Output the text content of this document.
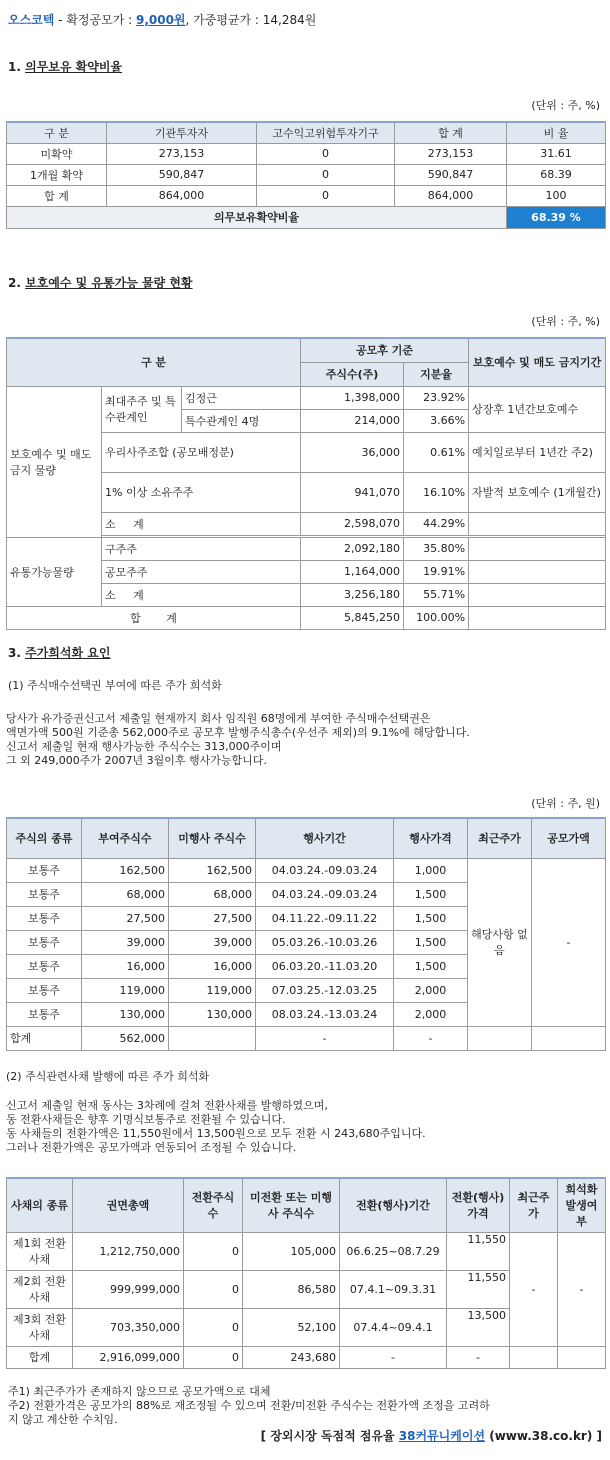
오스코텍 - 확정공모가 : 9,000원, 가중평균가 : 14,284원
1. 의무보유 확약비율
(단위 : 주, %)
구 분	기관투자자	고수익고위험투자기구	합 계	비 율
미확약	273,153	0	273,153	31.61
1개월 확약	590,847	0	590,847	68.39
합 계	864,000	0	864,000	100
의무보유확약비율				68.39 %
2. 보호예수 및 유통가능 물량 현황
(단위 : 주, %)
구 분			공모후 기준		보호예수 및 매도 금지기간
			주식수(주)	지분율	
보호예수 및 매도금지 물량	최대주주 및 특수관계인	김정근	1,398,000	23.92%	상장후 1년간보호예수
		특수관계인 4명	214,000	3.66%	
	우리사주조합 (공모배정분)		36,000	0.61%	예치일로부터 1년간 주2)
	1% 이상 소유주주		941,070	16.10%	자발적 보호예수 (1개월간)
	소 계		2,598,070	44.29%	

유통가능물량	구주주		2,092,180	35.80%	
	공모주주		1,164,000	19.91%	
	소 계		3,256,180	55.71%	
합 계			5,845,250	100.00%	
3. 주가희석화 요인
(1) 주식매수선택권 부여에 따른 주가 희석화
당사가 유가증권신고서 제출일 현재까지 회사 임직원 68명에게 부여한 주식매수선택권은
액면가액 500원 기준총 562,000주로 공모후 발행주식총수(우선주 제외)의 9.1%에 해당합니다.
신고서 제출일 현재 행사가능한 주식수는 313,000주이며
그 외 249,000주가 2007년 3월이후 행사가능합니다.
(단위 : 주, 원)
주식의 종류	부여주식수	미행사 주식수	행사기간	행사가격	최근주가	공모가액
보통주	162,500	162,500	04.03.24.-09.03.24	1,000	해당사항 없음	-
보통주	68,000	68,000	04.03.24.-09.03.24	1,500		
보통주	27,500	27,500	04.11.22.-09.11.22	1,500		
보통주	39,000	39,000	05.03.26.-10.03.26	1,500		
보통주	16,000	16,000	06.03.20.-11.03.20	1,500		
보통주	119,000	119,000	07.03.25.-12.03.25	2,000		
보통주	130,000	130,000	08.03.24.-13.03.24	2,000		
합계	562,000		-	-		
(2) 주식관련사채 발행에 따른 주가 희석화
신고서 제출일 현재 동사는 3차례에 걸쳐 전환사채를 발행하였으며,
동 전환사채들은 향후 기명식보통주로 전환될 수 있습니다.
동 사채들의 전환가액은 11,550원에서 13,500원으로 모두 전환 시 243,680주입니다.
그러나 전환가액은 공모가액과 연동되어 조정될 수 있습니다.
사채의 종류	권면총액	전환주식수	미전환 또는 미행사 주식수	전환(행사)기간	전환(행사) 가격	최근주가	희석화 발생여부
제1회 전환사채	1,212,750,000	0	105,000	06.6.25~08.7.29	11,550	-	-
제2회 전환사채	999,999,000	0	86,580	07.4.1~09.3.31	11,550		
제3회 전환사채	703,350,000	0	52,100	07.4.4~09.4.1	13,500		
합계	2,916,099,000	0	243,680	-	-		
주1) 최근주가가 존재하지 않으므로 공모가액으로 대체
주2) 전환가격은 공모가의 88%로 재조정될 수 있으며 전환/미전환 주식수는 전환가액 조정을 고려하
지 않고 계산한 수치임.
[ 장외시장 독점적 점유율 38커뮤니케이션 (www.38.co.kr) ]
